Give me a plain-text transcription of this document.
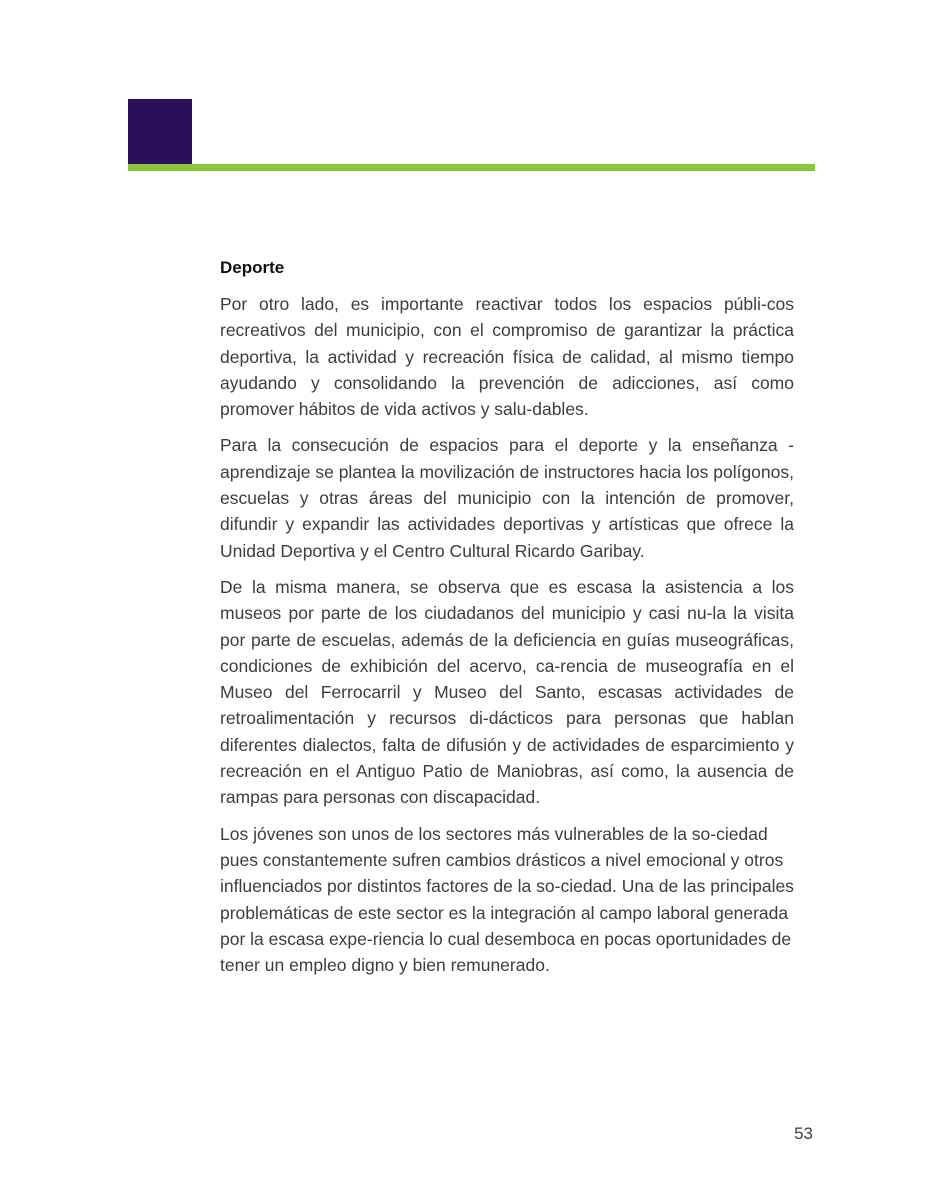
Deporte

Por otro lado, es importante reactivar todos los espacios públi-cos recreativos del municipio, con el compromiso de garantizar la práctica deportiva, la actividad y recreación física de calidad, al mismo tiempo ayudando y consolidando la prevención de adicciones, así como promover hábitos de vida activos y salu-dables.

Para la consecución de espacios para el deporte y la enseñanza -aprendizaje se plantea la movilización de instructores hacia los polígonos, escuelas y otras áreas del municipio con la intención de promover, difundir y expandir las actividades deportivas y artísticas que ofrece la Unidad Deportiva y el Centro Cultural Ricardo Garibay.

De la misma manera, se observa que es escasa la asistencia a los museos por parte de los ciudadanos del municipio y casi nu-la la visita por parte de escuelas, además de la deficiencia en guías museográficas, condiciones de exhibición del acervo, ca-rencia de museografía en el Museo del Ferrocarril y Museo del Santo, escasas actividades de retroalimentación y recursos di-dácticos para personas que hablan diferentes dialectos, falta de difusión y de actividades de esparcimiento y recreación en el Antiguo Patio de Maniobras, así como, la ausencia de rampas para personas con discapacidad.

Los jóvenes son unos de los sectores más vulnerables de la so-ciedad pues constantemente sufren cambios drásticos a nivel emocional y otros influenciados por distintos factores de la so-ciedad. Una de las principales problemáticas de este sector es la integración al campo laboral generada por la escasa expe-riencia lo cual desemboca en pocas oportunidades de tener un empleo digno y bien remunerado.

53
